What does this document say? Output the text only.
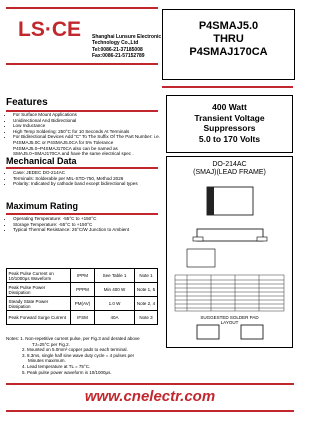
LS·CE Shanghai Lunsure Electronic
Technology Co.,Ltd
Tel:0086-21-37185008
Fax:0086-21-57152789
P4SMAJ5.0
THRU
P4SMAJ170CA
400 Watt
Transient Voltage
Suppressors
5.0 to 170 Volts
DO-214AC
(SMAJ)(LEAD FRAME)
SUGGESTED SOLDER PAD LAYOUT
Features
• For Surface Mount Applications
• Unidirectional And Bidirectional
• Low Inductance
• High Temp Soldering: 250°C for 10 Seconds At Terminals
• For Bidirectional Devices Add "C" To The Suffix Of The Part Number: i.e. P4SMAJ5.0C or P4SMAJ5.0CA for 5% Tolerance P4SMAJ5.0~P4SMAJ170CA also can be named as SMAJ5.0~SMAJ170CA and have the same electrical spec .
Mechanical Data
• Case: JEDEC DO-214AC
• Terminals: Solderable per MIL-STD-750, Method 2026
• Polarity: Indicated by cathode band except bidirectional types
Maximum Rating
• Operating Temperature: -55°C to +150°C
• Storage Temperature: -55°C to +150°C
• Typical Thermal Resistance: 25°C/W Junction to Ambient
Peak Pulse Current on 10/1000μs Waveform	IPPM	See Table 1	Note 1
Peak Pulse Power Dissipation	PPPM	Min 400 W	Note 1, 5
Steady State Power Dissipation	PM(AV)	1.0 W	Note 2, 4
Peak Forward Surge Current	IFSM	40A	Note 3
Notes: 1. Non-repetitive current pulse, per Fig.3 and derated above
TJ=25°C per Fig.2.
2. Mounted on 5.0mm² copper pads to each terminal.
3. 8.3ms, single half sine wave duty cycle = 4 pulses per
Minutes maximum.
4. Lead temperature at TL = 75°C.
5. Peak pulse power waveform is 10/1000μs.
www.cnelectr.com
